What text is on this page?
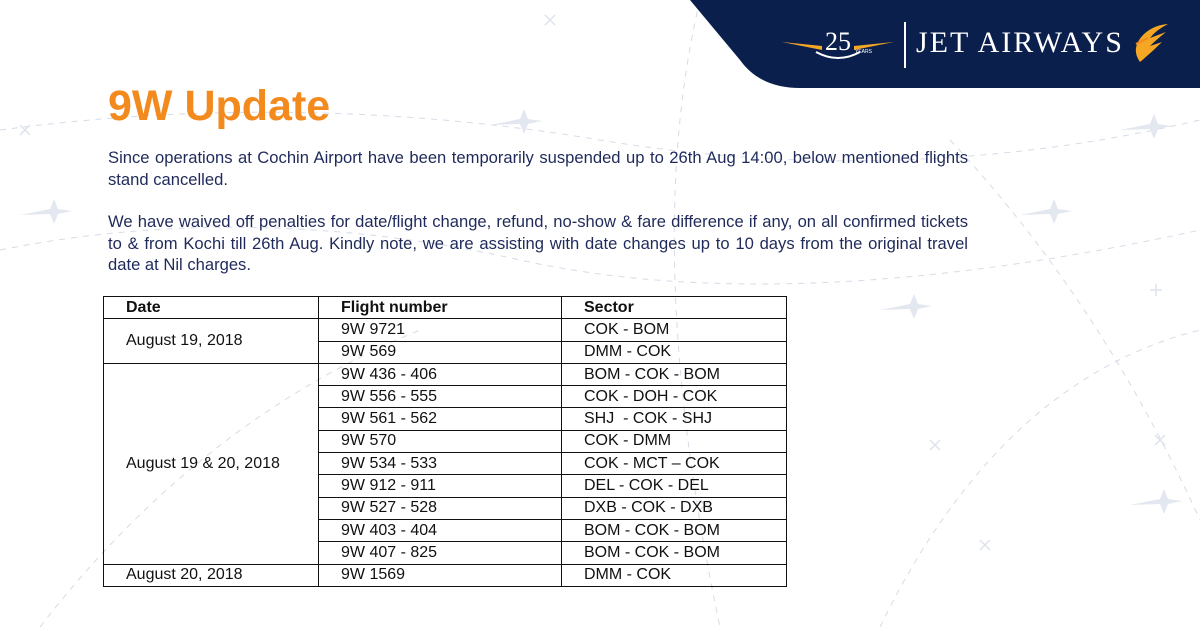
25 YEARS JET AIRWAYS
9W Update

Since operations at Cochin Airport have been temporarily suspended up to 26th Aug 14:00, below mentioned flights stand cancelled.

We have waived off penalties for date/flight change, refund, no-show & fare difference if any, on all confirmed tickets to & from Kochi till 26th Aug. Kindly note, we are assisting with date changes up to 10 days from the original travel date at Nil charges.

Date	Flight number	Sector
August 19, 2018	9W 9721	COK - BOM
	9W 569	DMM - COK
August 19 & 20, 2018	9W 436 - 406	BOM - COK - BOM
	9W 556 - 555	COK - DOH - COK
	9W 561 - 562	SHJ  - COK - SHJ
	9W 570	COK - DMM
	9W 534 - 533	COK - MCT – COK
	9W 912 - 911	DEL - COK - DEL
	9W 527 - 528	DXB - COK - DXB
	9W 403 - 404	BOM - COK - BOM
	9W 407 - 825	BOM - COK - BOM
August 20, 2018	9W 1569	DMM - COK
